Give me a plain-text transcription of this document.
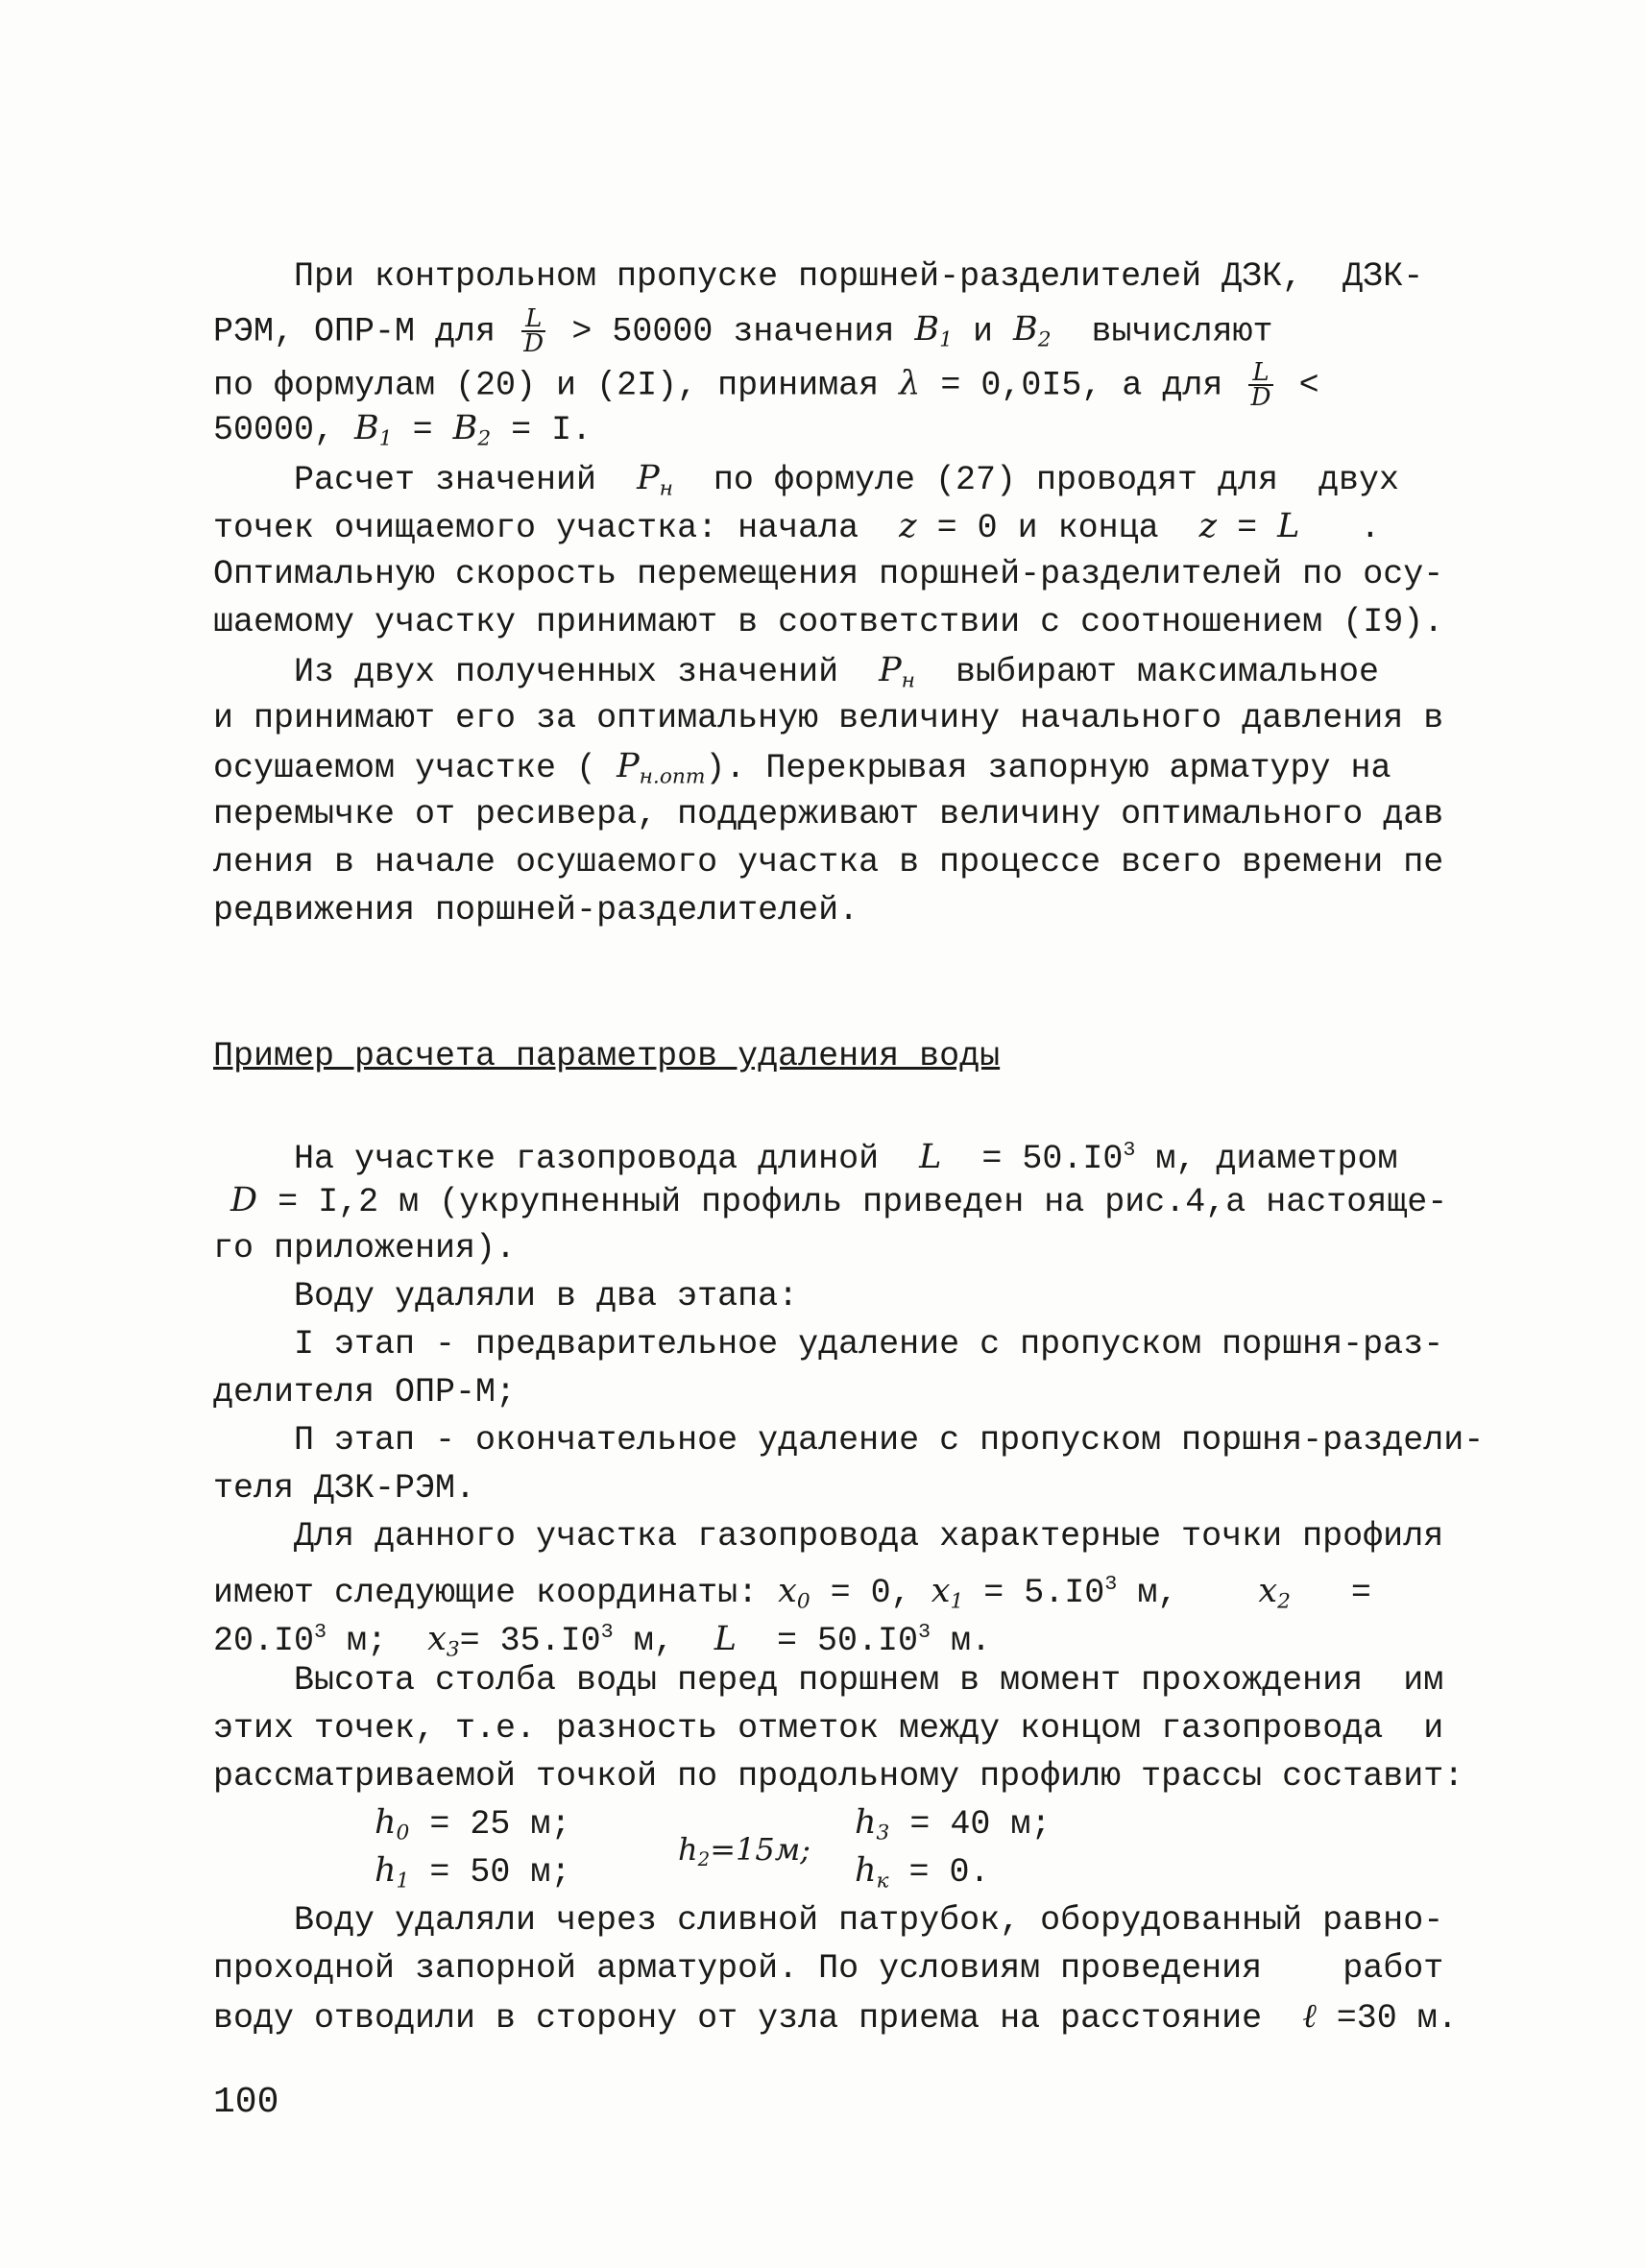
При контрольном пропуске поршней-разделителей ДЗК,  ДЗК-
РЭМ, ОПР-М для $\frac{L}{D} > 50000$ значения $B_1$ и $B_2$  вычисляют
по формулам (20) и (2I), принимая λ = 0,0I5, а для $\frac{L}{D}$ <
50000, $B_1 = B_2 = I$.
Расчет значений  $P_н$  по формуле (27) проводят для  двух
точек очищаемого участка: начала  z = 0 и конца  z = L   .
Оптимальную скорость перемещения поршней-разделителей по осу-
шаемому участку принимают в соответствии с соотношением (I9).
Из двух полученных значений  $P_н$  выбирают максимальное
и принимают его за оптимальную величину начального давления в
осушаемом участке ( $P_{н.опт}$). Перекрывая запорную арматуру на
перемычке от ресивера, поддерживают величину оптимального дав
ления в начале осушаемого участка в процессе всего времени пе
редвижения поршней-разделителей.
Пример расчета параметров удаления воды
На участке газопровода длиной  $L = 50.I0^3$ м, диаметром
D = I,2 м (укрупненный профиль приведен на рис.4,а настояще-
го приложения).
Воду удаляли в два этапа:
I этап - предварительное удаление с пропуском поршня-раз-
делителя ОПР-М;
П этап - окончательное удаление с пропуском поршня-раздели-
теля ДЗК-РЭМ.
Для данного участка газопровода характерные точки профиля
имеют следующие координаты: $x_0 = 0$, $x_1 = 5.I0^3$ м,    $x_2$   =
$20.I0^3$ м;  $x_3= 35.I0^3$ м,  $L = 50.I0^3$ м.
Высота столба воды перед поршнем в момент прохождения  им
этих точек, т.е. разность отметок между концом газопровода  и
рассматриваемой точкой по продольному профилю трассы составит:
$h_0 = 25$ м;
$h_1 = 50$ м;
$h_2=15м$;
$h_3 = 40$ м;
$h_к = 0$.
Воду удаляли через сливной патрубок, оборудованный равно-
проходной запорной арматурой. По условиям проведения    работ
воду отводили в сторону от узла приема на расстояние  ℓ =30 м.
100
